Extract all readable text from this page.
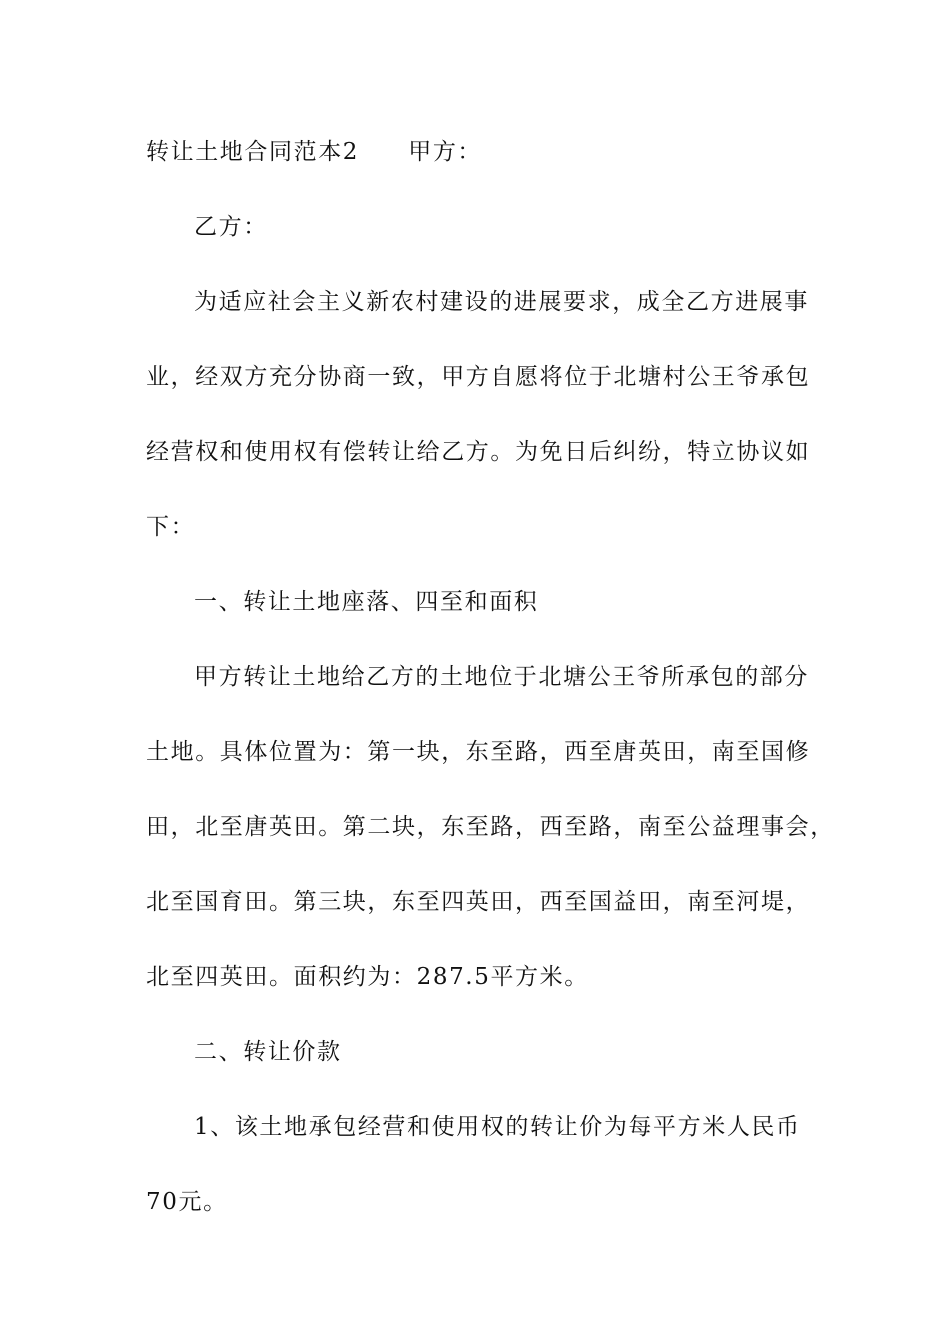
转让土地合同范本2　　甲方：
乙方：
为适应社会主义新农村建设的进展要求，成全乙方进展事
业，经双方充分协商一致，甲方自愿将位于北塘村公王爷承包
经营权和使用权有偿转让给乙方。为免日后纠纷，特立协议如
下：
一、转让土地座落、四至和面积
甲方转让土地给乙方的土地位于北塘公王爷所承包的部分
土地。具体位置为：第一块，东至路，西至唐英田，南至国修
田，北至唐英田。第二块，东至路，西至路，南至公益理事会，
北至国育田。第三块，东至四英田，西至国益田，南至河堤，
北至四英田。面积约为：287.5平方米。
二、转让价款
1、该土地承包经营和使用权的转让价为每平方米人民币
70元。
